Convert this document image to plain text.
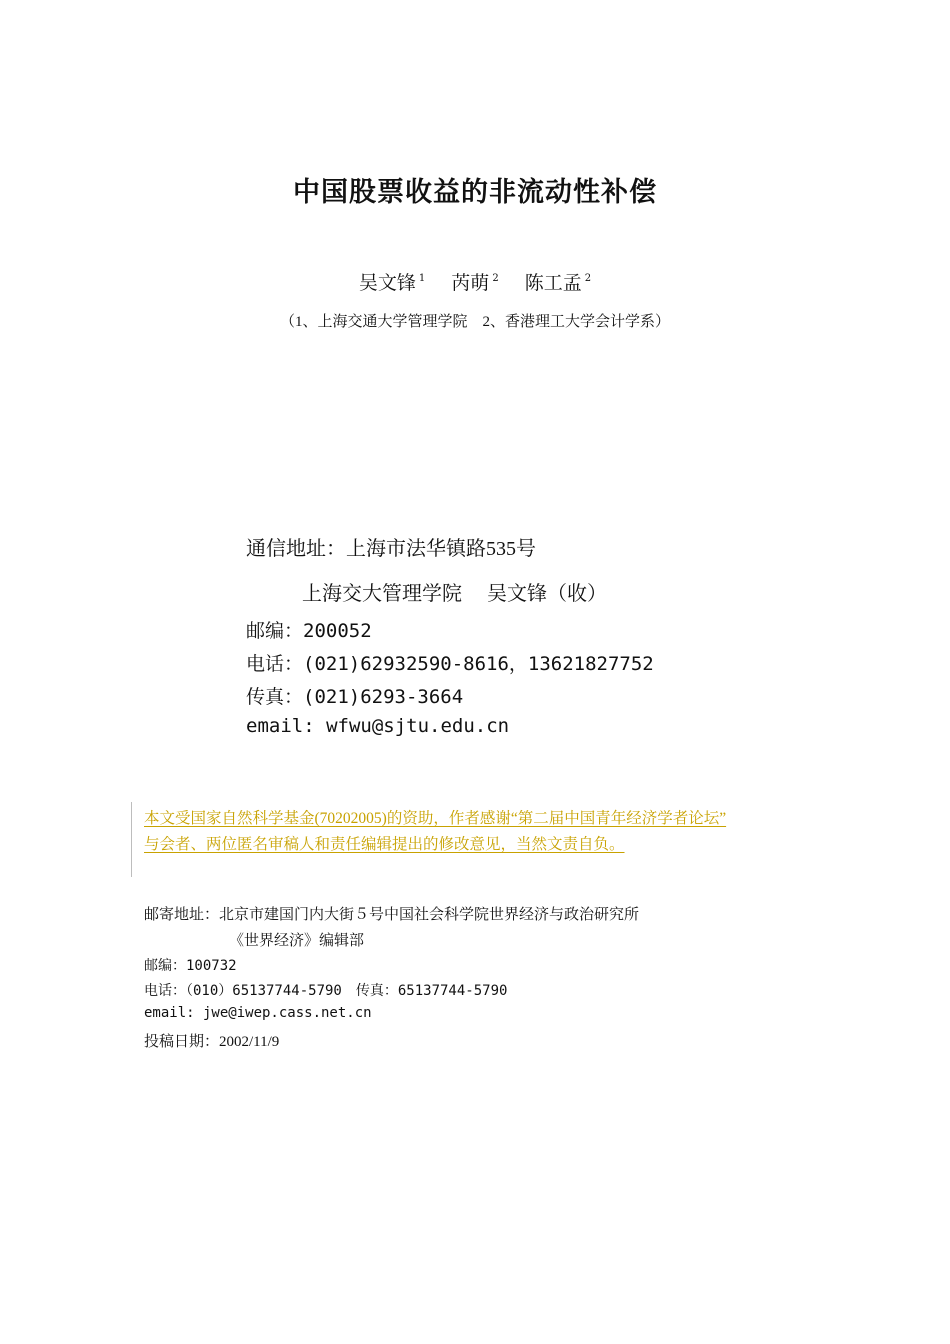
中国股票收益的非流动性补偿
吴文锋 $^1$ 芮萌 $^2$ 陈工孟 $^2$
（1、上海交通大学管理学院　2、香港理工大学会计学系）
通信地址：上海市法华镇路535号
上海交大管理学院　 吴文锋（收）
邮编：200052
电话：(021)62932590-8616，13621827752
传真：(021)6293-3664
email: wfwu@sjtu.edu.cn
本文受国家自然科学基金(70202005)的资助，作者感谢“第二届中国青年经济学者论坛”
与会者、两位匿名审稿人和责任编辑提出的修改意见，当然文责自负。
邮寄地址：北京市建国门内大街５号中国社会科学院世界经济与政治研究所
《世界经济》编辑部
邮编：100732
电话：（010）65137744-5790　传真：65137744-5790
email: jwe@iwep.cass.net.cn
投稿日期：2002/11/9
